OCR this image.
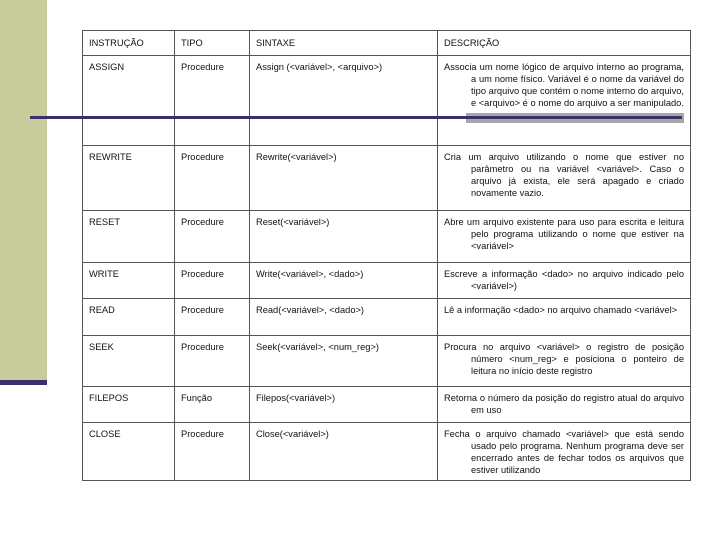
INSTRUÇÃO	TIPO	SINTAXE	DESCRIÇÃO
ASSIGN	Procedure	Assign (<variável>, <arquivo>)	Associa um nome lógico de arquivo interno ao programa, a um nome físico. Variável é o nome da variável do tipo arquivo que contém o nome interno do arquivo, e <arquivo> é o nome do arquivo a ser manipulado.

REWRITE	Procedure	Rewrite(<variável>)	Cria um arquivo utilizando o nome que estiver no parâmetro ou na variável <variável>. Caso o arquivo já exista, ele será apagado e criado novamente vazio.

RESET	Procedure	Reset(<variável>)	Abre um arquivo existente para uso para escrita e leitura pelo programa utilizando o nome que estiver na <variável>

WRITE	Procedure	Write(<variável>, <dado>)	Escreve a informação <dado> no arquivo indicado pelo <variável>)

READ	Procedure	Read(<variável>, <dado>)	Lê a informação <dado> no arquivo chamado <variável>

SEEK	Procedure	Seek(<variável>, <num_reg>)	Procura no arquivo <variável> o registro de posição número <num_reg> e posiciona o ponteiro de leitura no início deste registro

FILEPOS	Função	Filepos(<variável>)	Retorna o número da posição do registro atual do arquivo em uso

CLOSE	Procedure	Close(<variável>)	Fecha o arquivo chamado <variável> que está sendo usado pelo programa. Nenhum programa deve ser encerrado antes de fechar todos os arquivos que estiver utilizando
